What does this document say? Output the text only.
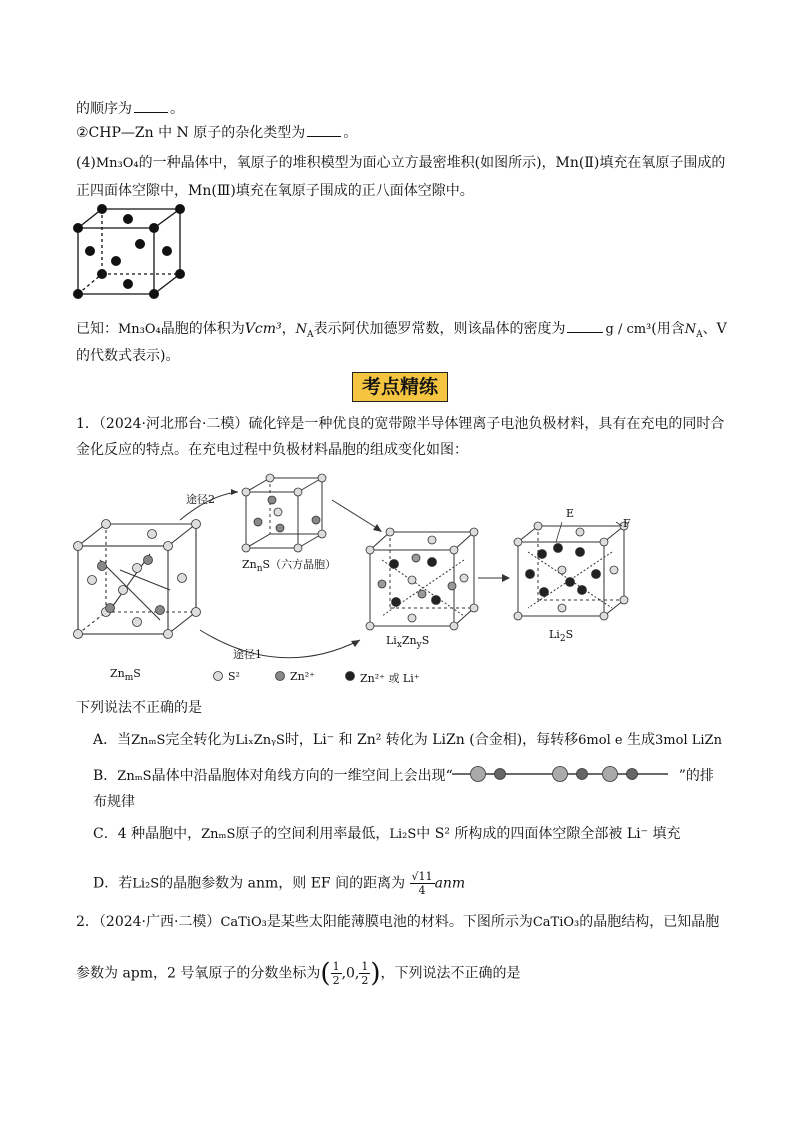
的顺序为	。
②CHP—Zn 中 N 原子的杂化类型为	。
(4)Mn₃O₄的一种晶体中，氧原子的堆积模型为面心立方最密堆积(如图所示)，Mn(Ⅱ)填充在氧原子围成的
正四面体空隙中，Mn(Ⅲ)填充在氧原子围成的正八面体空隙中。
已知：Mn₃O₄晶胞的体积为Vcm³，$N_A$表示阿伏加德罗常数，则该晶体的密度为	g / cm³(用含$N_A$、V
的代数式表示)。
考点精练
1．（2024·河北邢台·二模）硫化锌是一种优良的宽带隙半导体锂离子电池负极材料，具有在充电的同时合
金化反应的特点。在充电过程中负极材料晶胞的组成变化如图：
途径2
途径1
E
F
$Zn_mS$
$Zn_nS$（六方晶胞）
$Li_xZn_yS$	$Li_2S$
S²	Zn²⁺	Zn²⁺ 或 Li⁺
下列说法不正确的是
A．当ZnₘS完全转化为LiₓZnᵧS时，Li⁻ 和 Zn² 转化为 LiZn (合金相)，每转移6mol e 生成3mol LiZn
B．ZnₘS晶体中沿晶胞体对角线方向的一维空间上会出现“	”的排
布规律
C．4 种晶胞中，ZnₘS原子的空间利用率最低，Li₂S中 S² 所构成的四面体空隙全部被 Li⁻ 填充
D．若Li₂S的晶胞参数为 anm，则 EF 间的距离为 $\frac{√11}{4}$ anm
2．（2024·广西·二模）CaTiO₃是某些太阳能薄膜电池的材料。下图所示为CaTiO₃的晶胞结构，已知晶胞
参数为 apm，2 号氧原子的分数坐标为( $\frac{1}{2} ,0$, $\frac{1}{2}$ )，下列说法不正确的是
